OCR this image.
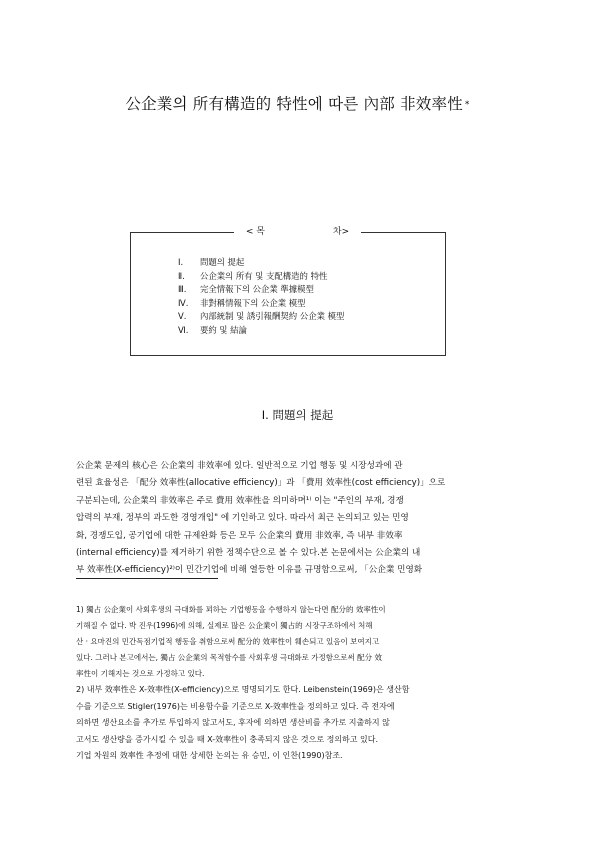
公企業의 所有構造的 特性에 따른 內部 非效率性 *
< 목	차>
Ⅰ. 問題의 提起
Ⅱ. 公企業의 所有 및 支配構造的 特性
Ⅲ. 完全情報下의 公企業 準據模型
Ⅳ. 非對稱情報下의 公企業 模型
Ⅴ. 內部統制 및 誘引報酬契約 公企業 模型
Ⅵ. 要約 및 結論
Ⅰ. 問題의 提起
公企業 문제의 核心은 公企業의 非效率에 있다. 일반적으로 기업 행동 및 시장성과에 관
련된 효율성은 「配分 效率性(allocative efficiency)」과 「費用 效率性(cost efficiency)」으로
구분되는데, 公企業의 非效率은 주로 費用 效率性을 의미하며¹⁾ 이는 "주인의 부재, 경쟁
압력의 부재, 정부의 과도한 경영개입" 에 기인하고 있다. 따라서 최근 논의되고 있는 민영
화, 경쟁도입, 공기업에 대한 규제완화 등은 모두 公企業의 費用 非效率, 즉 내부 非效率
(internal efficiency)를 제거하기 위한 정책수단으로 볼 수 있다.본 논문에서는 公企業의 내
부 效率性(X-efficiency)²⁾이 민간기업에 비해 열등한 이유를 규명함으로써, 「公企業 민영화
1) 獨占 公企業이 사회후생의 극대화를 꾀하는 기업행동을 수행하지 않는다면 配分的 效率性이
기해질 수 없다. 박 진우(1996)에 의해, 실제로 많은 公企業이 獨占的 시장구조하에서 처해
산 · 요마진의 민간독점기업적 행동을 취함으로써 配分的 效率性이 훼손되고 있음이 보여지고
있다. 그러나 본고에서는, 獨占 公企業의 목적함수를 사회후생 극대화로 가정함으로써 配分 效
率性이 기해지는 것으로 가정하고 있다.
2) 내부 效率性은 X-效率性(X-efficiency)으로 명명되기도 한다. Leibenstein(1969)은 생산함
수를 기준으로 Stigler(1976)는 비용함수를 기준으로 X-效率性을 정의하고 있다. 즉 전자에
의하면 생산요소를 추가로 투입하지 않고서도, 후자에 의하면 생산비를 추가로 지출하지 않
고서도 생산량을 증가시킬 수 있을 때 X-效率性이 충족되지 않은 것으로 정의하고 있다.
기업 차원의 效率性 추정에 대한 상세한 논의는 유 승민, 이 인찬(1990)참조.
